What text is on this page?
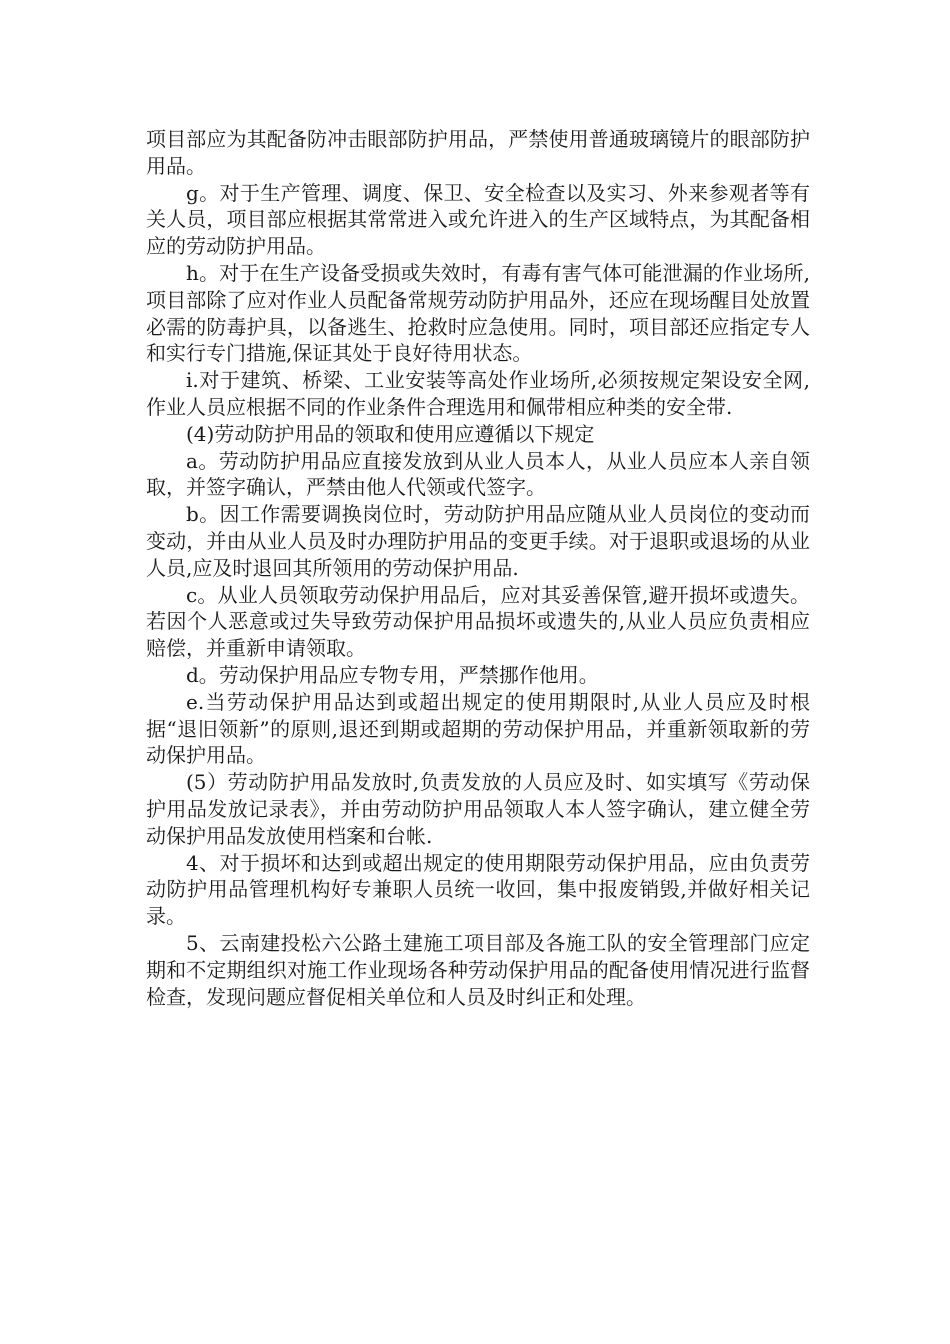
项目部应为其配备防冲击眼部防护用品，严禁使用普通玻璃镜片的眼部防护用品。

g。对于生产管理、调度、保卫、安全检查以及实习、外来参观者等有关人员，项目部应根据其常常进入或允许进入的生产区域特点，为其配备相应的劳动防护用品。

h。对于在生产设备受损或失效时，有毒有害气体可能泄漏的作业场所,项目部除了应对作业人员配备常规劳动防护用品外，还应在现场醒目处放置必需的防毒护具，以备逃生、抢救时应急使用。同时，项目部还应指定专人和实行专门措施,保证其处于良好待用状态。

i.对于建筑、桥梁、工业安装等高处作业场所,必须按规定架设安全网,作业人员应根据不同的作业条件合理选用和佩带相应种类的安全带.

(4)劳动防护用品的领取和使用应遵循以下规定

a。劳动防护用品应直接发放到从业人员本人，从业人员应本人亲自领取，并签字确认，严禁由他人代领或代签字。

b。因工作需要调换岗位时，劳动防护用品应随从业人员岗位的变动而变动，并由从业人员及时办理防护用品的变更手续。对于退职或退场的从业人员,应及时退回其所领用的劳动保护用品.

c。从业人员领取劳动保护用品后，应对其妥善保管,避开损坏或遗失。若因个人恶意或过失导致劳动保护用品损坏或遗失的,从业人员应负责相应赔偿，并重新申请领取。

d。劳动保护用品应专物专用，严禁挪作他用。

e.当劳动保护用品达到或超出规定的使用期限时,从业人员应及时根据“退旧领新”的原则,退还到期或超期的劳动保护用品，并重新领取新的劳动保护用品。

(5）劳动防护用品发放时,负责发放的人员应及时、如实填写《劳动保护用品发放记录表》，并由劳动防护用品领取人本人签字确认，建立健全劳动保护用品发放使用档案和台帐.

4、对于损坏和达到或超出规定的使用期限劳动保护用品，应由负责劳动防护用品管理机构好专兼职人员统一收回，集中报废销毁,并做好相关记录。

5、云南建投松六公路土建施工项目部及各施工队的安全管理部门应定期和不定期组织对施工作业现场各种劳动保护用品的配备使用情况进行监督检查，发现问题应督促相关单位和人员及时纠正和处理。
